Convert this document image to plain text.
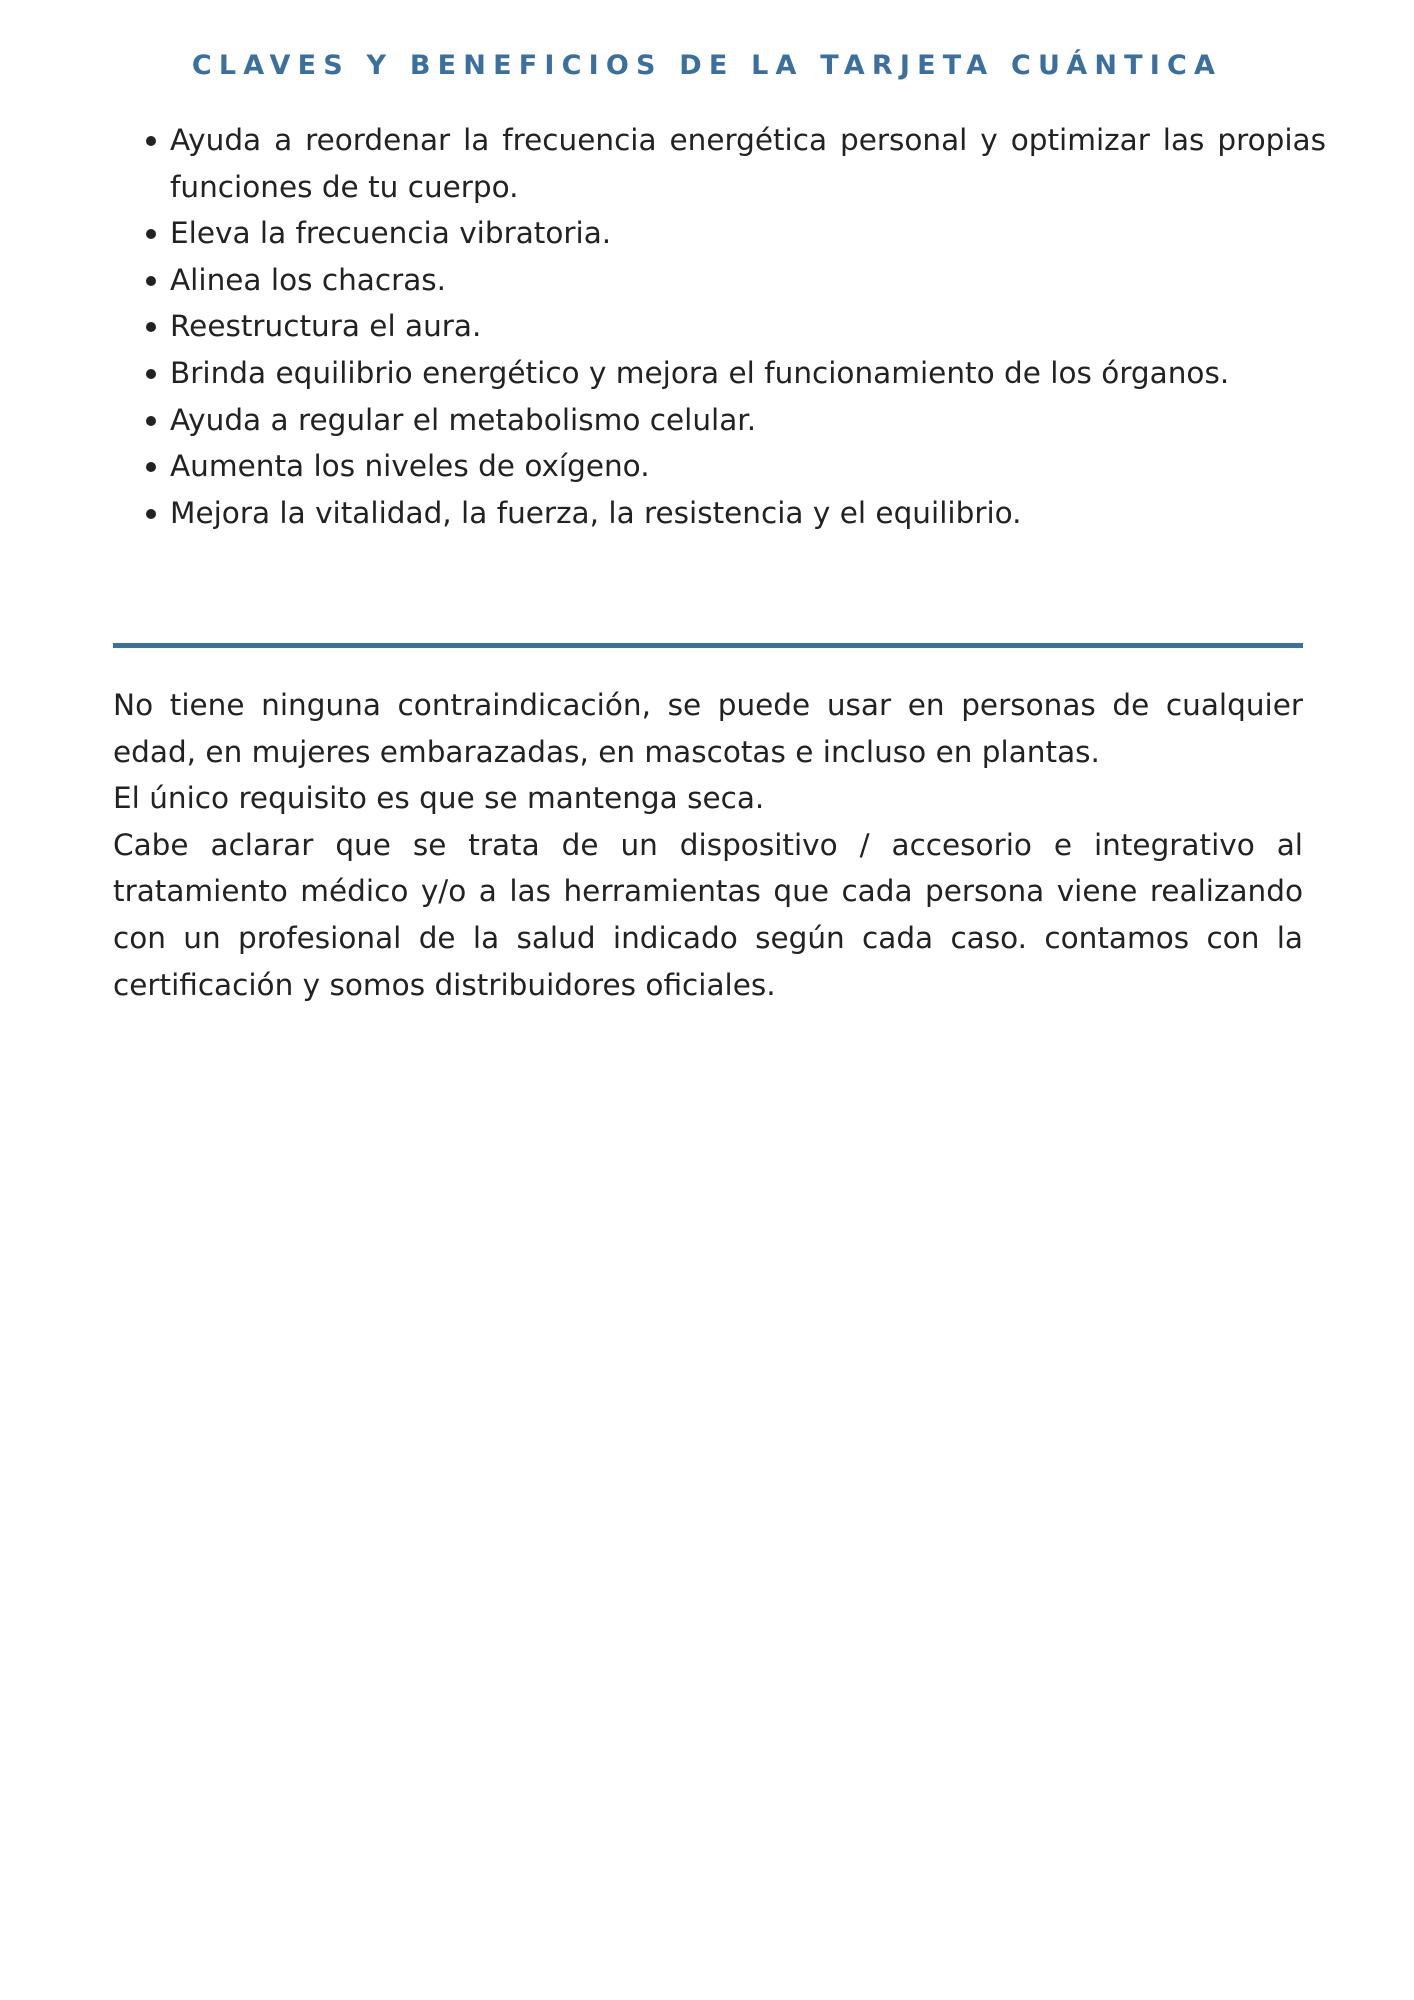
CLAVES Y BENEFICIOS DE LA TARJETA CUÁNTICA
Ayuda a reordenar la frecuencia energética personal y optimizar las propias funciones de tu cuerpo.
Eleva la frecuencia vibratoria.
Alinea los chacras.
Reestructura el aura.
Brinda equilibrio energético y mejora el funcionamiento de los órganos.
Ayuda a regular el metabolismo celular.
Aumenta los niveles de oxígeno.
Mejora la vitalidad, la fuerza, la resistencia y el equilibrio.

No tiene ninguna contraindicación, se puede usar en personas de cualquier edad, en mujeres embarazadas, en mascotas e incluso en plantas.

El único requisito es que se mantenga seca.

Cabe aclarar que se trata de un dispositivo / accesorio e integrativo al tratamiento médico y/o a las herramientas que cada persona viene realizando con un profesional de la salud indicado según cada caso. contamos con la certificación y somos distribuidores oficiales.
